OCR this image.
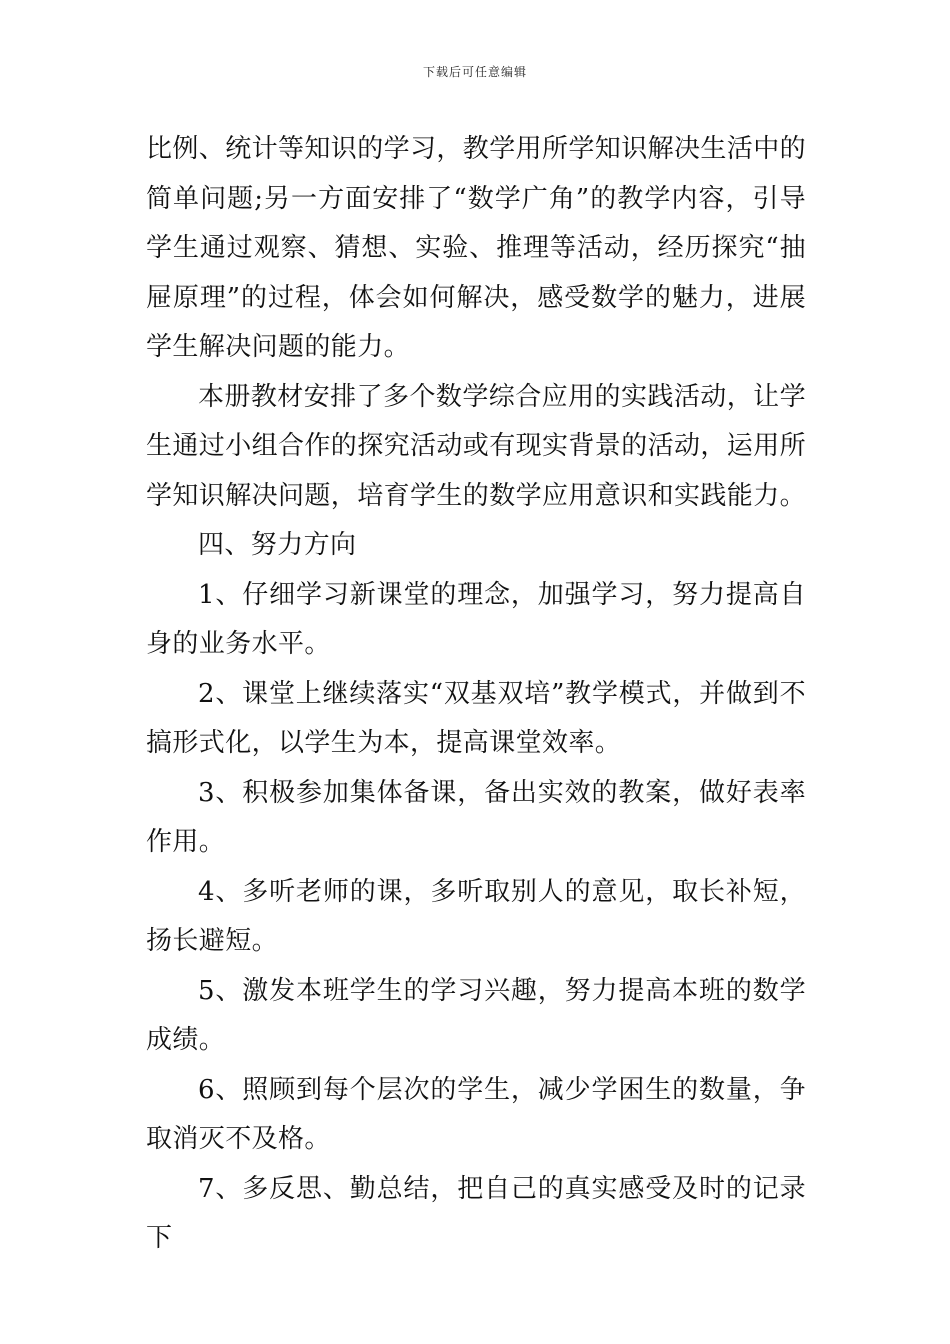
下载后可任意编辑

比例、统计等知识的学习，教学用所学知识解决生活中的简单问题;另一方面安排了“数学广角”的教学内容，引导学生通过观察、猜想、实验、推理等活动，经历探究“抽屉原理”的过程，体会如何解决，感受数学的魅力，进展学生解决问题的能力。

本册教材安排了多个数学综合应用的实践活动，让学生通过小组合作的探究活动或有现实背景的活动，运用所学知识解决问题，培育学生的数学应用意识和实践能力。

四、努力方向

1、仔细学习新课堂的理念，加强学习，努力提高自身的业务水平。

2、课堂上继续落实“双基双培”教学模式，并做到不搞形式化，以学生为本，提高课堂效率。

3、积极参加集体备课，备出实效的教案，做好表率作用。

4、多听老师的课，多听取别人的意见，取长补短，扬长避短。

5、激发本班学生的学习兴趣，努力提高本班的数学成绩。

6、照顾到每个层次的学生，减少学困生的数量，争取消灭不及格。

7、多反思、勤总结，把自己的真实感受及时的记录下
